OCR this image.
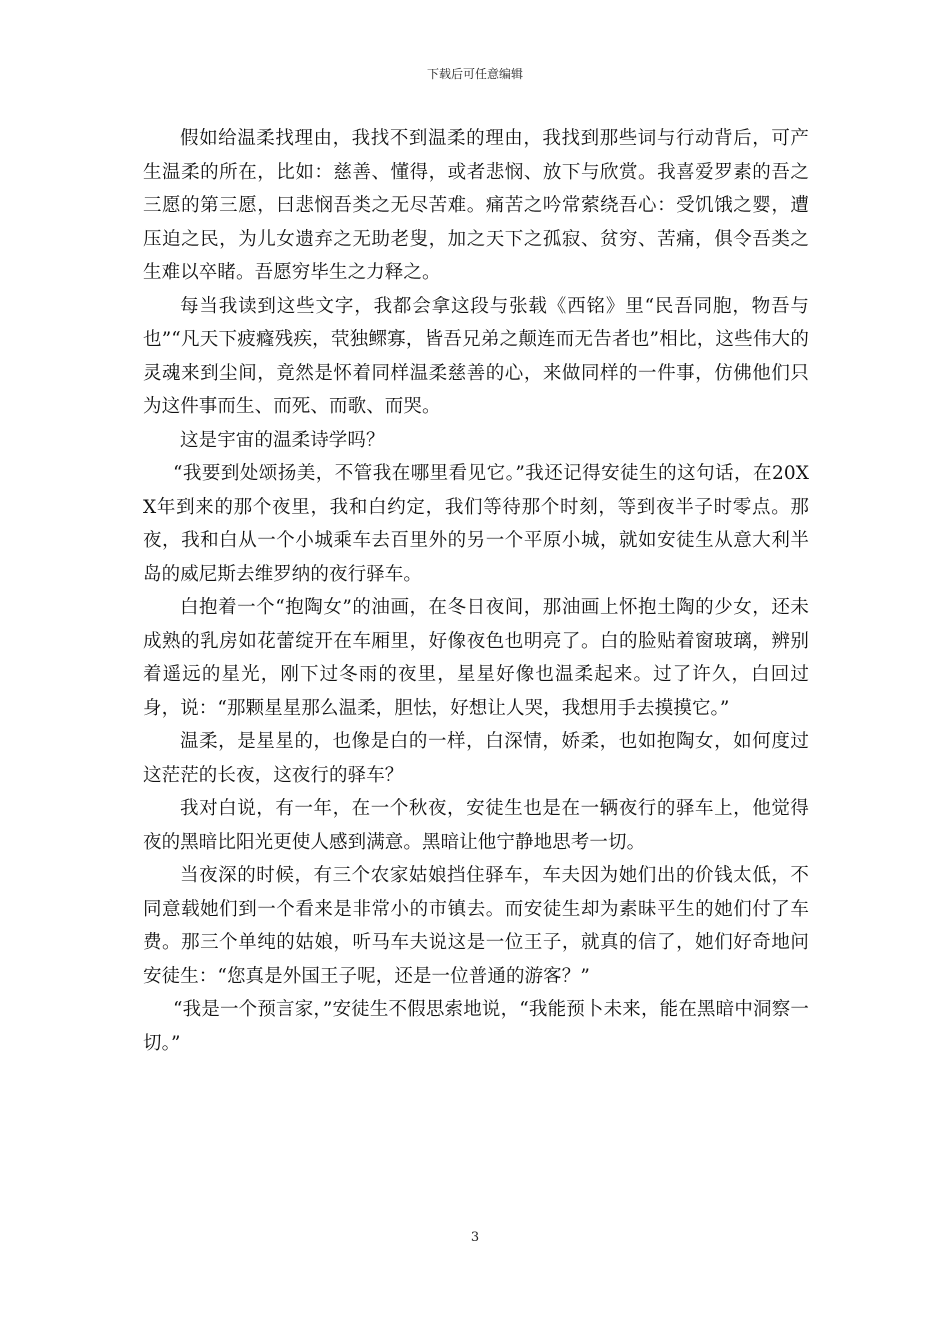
下载后可任意编辑

假如给温柔找理由，我找不到温柔的理由，我找到那些词与行动背后，可产生温柔的所在，比如：慈善、懂得，或者悲悯、放下与欣赏。我喜爱罗素的吾之三愿的第三愿，曰悲悯吾类之无尽苦难。痛苦之吟常萦绕吾心：受饥饿之婴，遭压迫之民，为儿女遗弃之无助老叟，加之天下之孤寂、贫穷、苦痛，俱令吾类之生难以卒睹。吾愿穷毕生之力释之。

每当我读到这些文字，我都会拿这段与张载《西铭》里“民吾同胞，物吾与也”“凡天下疲癃残疾，茕独鳏寡，皆吾兄弟之颠连而无告者也”相比，这些伟大的灵魂来到尘间，竟然是怀着同样温柔慈善的心，来做同样的一件事，仿佛他们只为这件事而生、而死、而歌、而哭。

这是宇宙的温柔诗学吗？

“我要到处颂扬美，不管我在哪里看见它。”我还记得安徒生的这句话，在20XX年到来的那个夜里，我和白约定，我们等待那个时刻，等到夜半子时零点。那夜，我和白从一个小城乘车去百里外的另一个平原小城，就如安徒生从意大利半岛的威尼斯去维罗纳的夜行驿车。

白抱着一个“抱陶女”的油画，在冬日夜间，那油画上怀抱土陶的少女，还未成熟的乳房如花蕾绽开在车厢里，好像夜色也明亮了。白的脸贴着窗玻璃，辨别着遥远的星光，刚下过冬雨的夜里，星星好像也温柔起来。过了许久，白回过身，说：“那颗星星那么温柔，胆怯，好想让人哭，我想用手去摸摸它。”

温柔，是星星的，也像是白的一样，白深情，娇柔，也如抱陶女，如何度过这茫茫的长夜，这夜行的驿车？

我对白说，有一年，在一个秋夜，安徒生也是在一辆夜行的驿车上，他觉得夜的黑暗比阳光更使人感到满意。黑暗让他宁静地思考一切。

当夜深的时候，有三个农家姑娘挡住驿车，车夫因为她们出的价钱太低，不同意载她们到一个看来是非常小的市镇去。而安徒生却为素昧平生的她们付了车费。那三个单纯的姑娘，听马车夫说这是一位王子，就真的信了，她们好奇地问安徒生：“您真是外国王子呢，还是一位普通的游客？”

“我是一个预言家，”安徒生不假思索地说，“我能预卜未来，能在黑暗中洞察一切。”

3
